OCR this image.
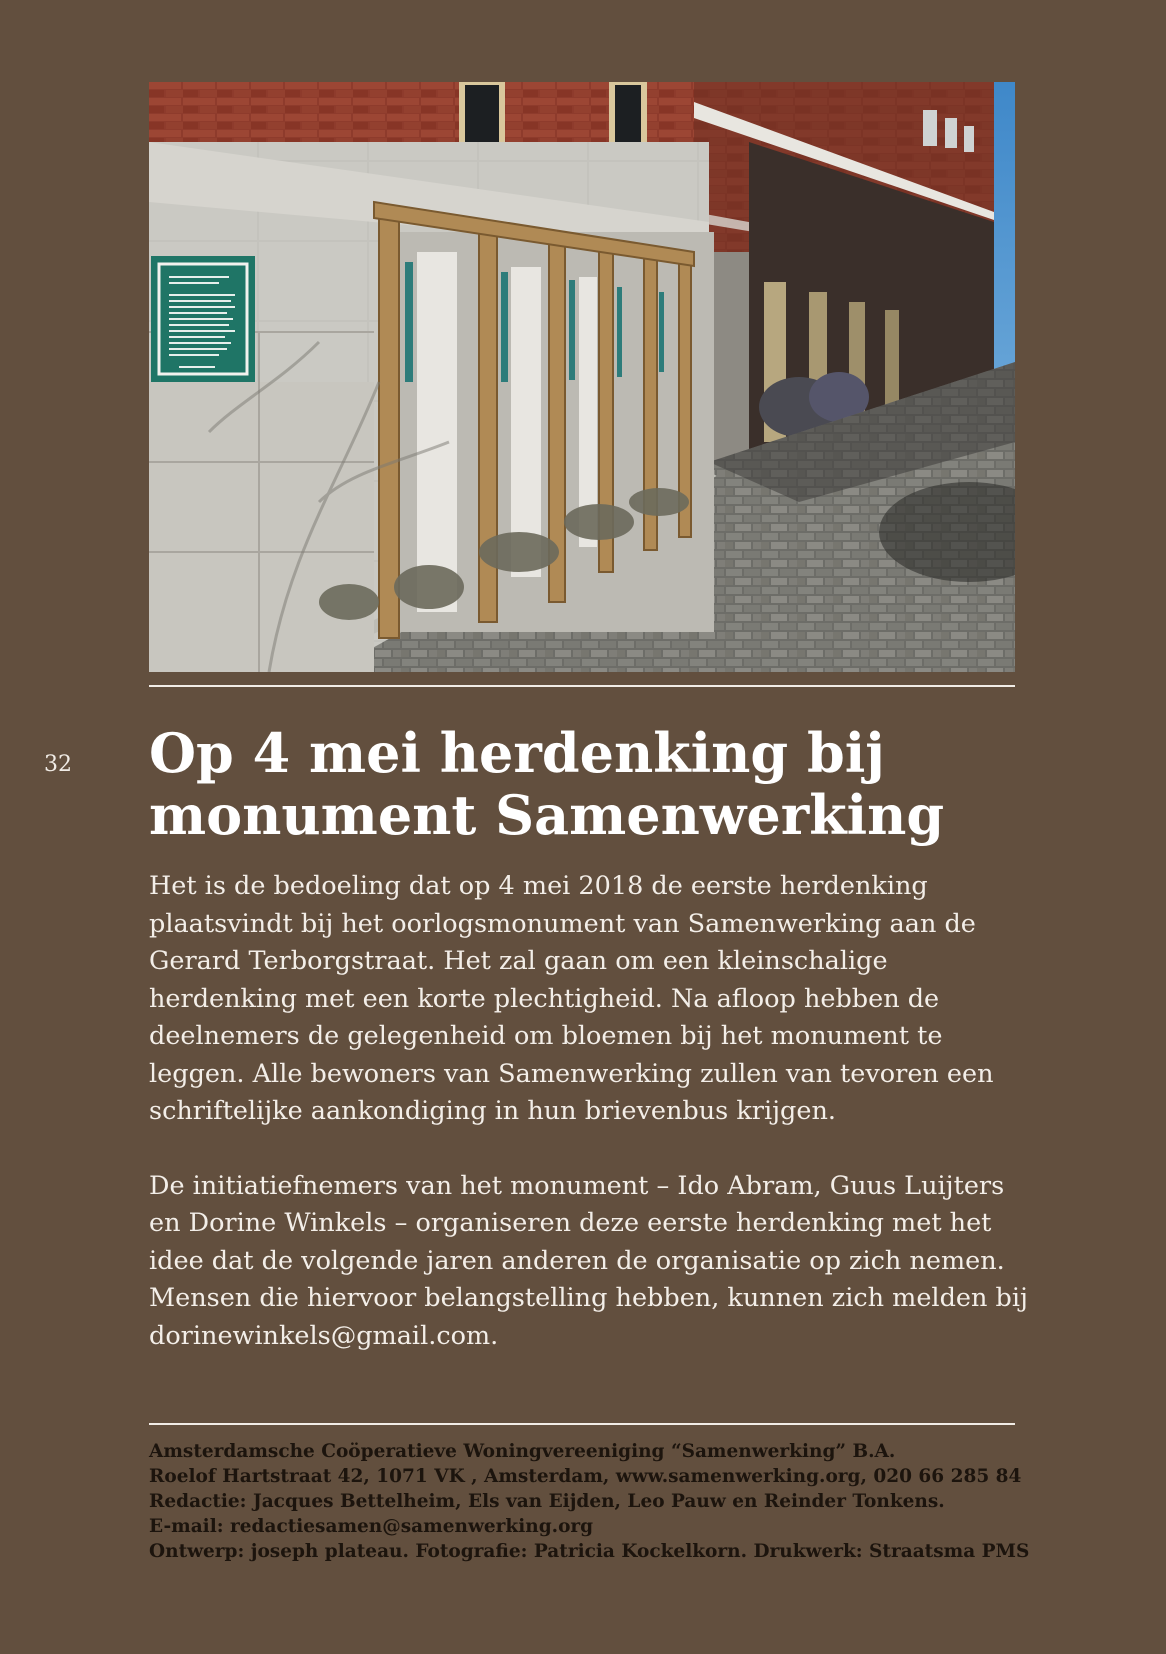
32 Op 4 mei herdenking bij
monument Samenwerking

Het is de bedoeling dat op 4 mei 2018 de eerste herdenking plaatsvindt bij het oorlogsmonument van Samenwerking aan de Gerard Terborgstraat. Het zal gaan om een kleinschalige herdenking met een korte plechtigheid. Na afloop hebben de deelnemers de gelegenheid om bloemen bij het monument te leggen. Alle bewoners van Samenwerking zullen van tevoren een schriftelijke aankondiging in hun brievenbus krijgen.

De initiatiefnemers van het monument – Ido Abram, Guus Luijters en Dorine Winkels – organiseren deze eerste herdenking met het idee dat de volgende jaren anderen de organisatie op zich nemen. Mensen die hiervoor belangstelling hebben, kunnen zich melden bij dorinewinkels@gmail.com.

Amsterdamsche Coöperatieve Woningvereeniging “Samenwerking” B.A.
Roelof Hartstraat 42, 1071 VK , Amsterdam, www.samenwerking.org, 020 66 285 84
Redactie: Jacques Bettelheim, Els van Eijden, Leo Pauw en Reinder Tonkens.
E-mail: redactiesamen@samenwerking.org
Ontwerp: joseph plateau. Fotografie: Patricia Kockelkorn. Drukwerk: Straatsma PMS
